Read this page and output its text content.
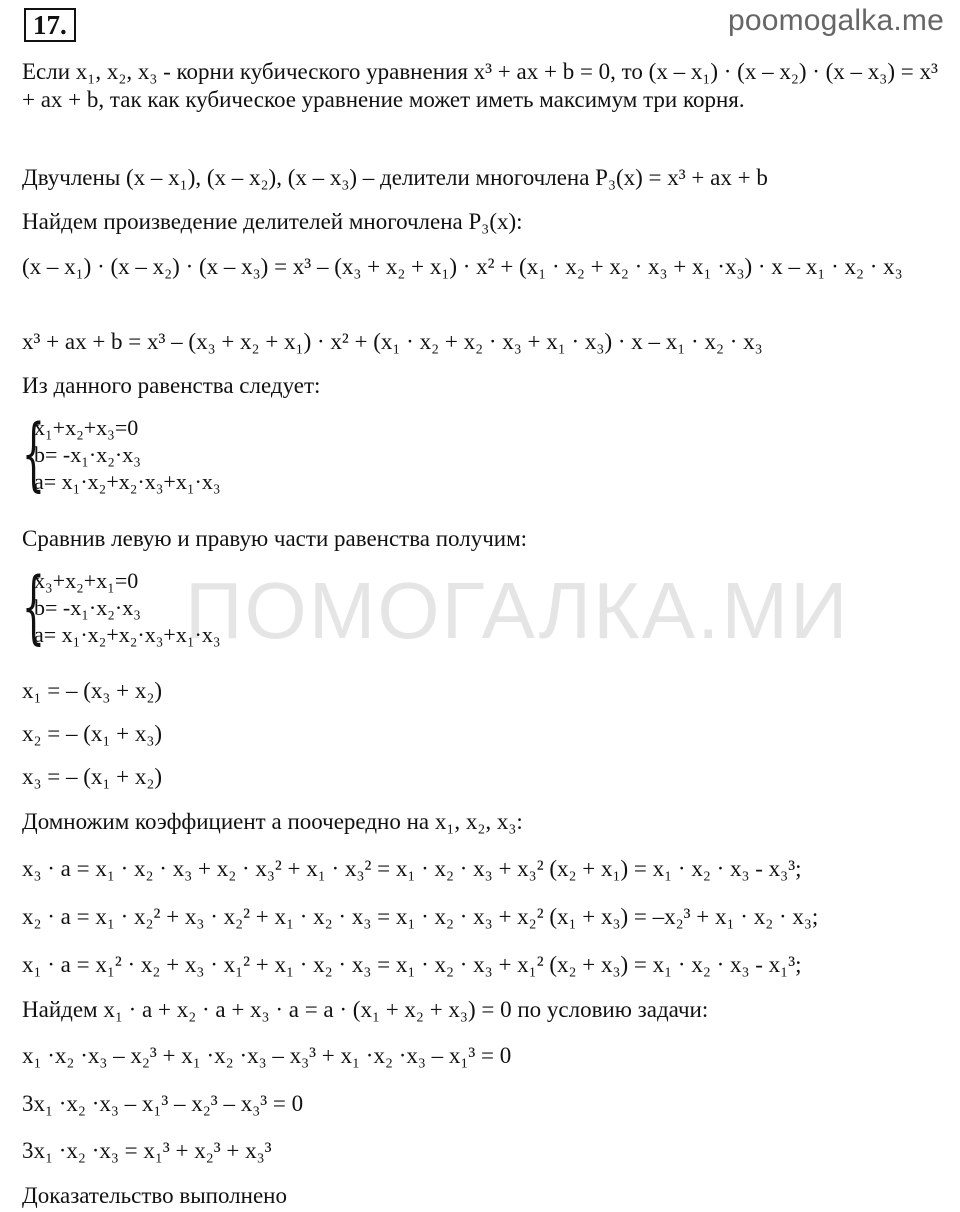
17.	poomogalka.me
ПОМОГАЛКА.МИ
Если x₁, x₂, x₃ - корни кубического уравнения x³ + ax + b = 0, то (x – x₁) · (x – x₂) · (x – x₃) = x³ + ax + b, так как кубическое уравнение может иметь максимум три корня.
Двучлены (x – x₁), (x – x₂), (x – x₃) – делители многочлена P₃(x) = x³ + ax + b
Найдем произведение делителей многочлена P₃(x):
(x – x₁) · (x – x₂) · (x – x₃) = x³ – (x₃ + x₂ + x₁) · x² + (x₁ · x₂ + x₂ · x₃ + x₁ ·x₃) · x – x₁ · x₂ · x₃
x³ + ax + b = x³ – (x₃ + x₂ + x₁) · x² + (x₁ · x₂ + x₂ · x₃ + x₁ · x₃) · x – x₁ · x₂ · x₃
Из данного равенства следует:
{
x₁+x₂+x₃=0
b= -x₁·x₂·x₃
a= x₁·x₂+x₂·x₃+x₁·x₃
Сравнив левую и правую части равенства получим:
{
x₃+x₂+x₁=0
b= -x₁·x₂·x₃
a= x₁·x₂+x₂·x₃+x₁·x₃
x₁ = – (x₃ + x₂)
x₂ = – (x₁ + x₃)
x₃ = – (x₁ + x₂)
Домножим коэффициент a поочередно на x₁, x₂, x₃:
x₃ · a = x₁ · x₂ · x₃ + x₂ · x₃² + x₁ · x₃² = x₁ · x₂ · x₃ + x₃² (x₂ + x₁) = x₁ · x₂ · x₃ - x₃³;
x₂ · a = x₁ · x₂² + x₃ · x₂² + x₁ · x₂ · x₃ = x₁ · x₂ · x₃ + x₂² (x₁ + x₃) = –x₂³ + x₁ · x₂ · x₃;
x₁ · a = x₁² · x₂ + x₃ · x₁² + x₁ · x₂ · x₃ = x₁ · x₂ · x₃ + x₁² (x₂ + x₃) = x₁ · x₂ · x₃ - x₁³;
Найдем x₁ · a + x₂ · a + x₃ · a = a · (x₁ + x₂ + x₃) = 0 по условию задачи:
x₁ ·x₂ ·x₃ – x₂³ + x₁ ·x₂ ·x₃ – x₃³ + x₁ ·x₂ ·x₃ – x₁³ = 0
3x₁ ·x₂ ·x₃ – x₁³ – x₂³ – x₃³ = 0
3x₁ ·x₂ ·x₃ = x₁³ + x₂³ + x₃³
Доказательство выполнено
